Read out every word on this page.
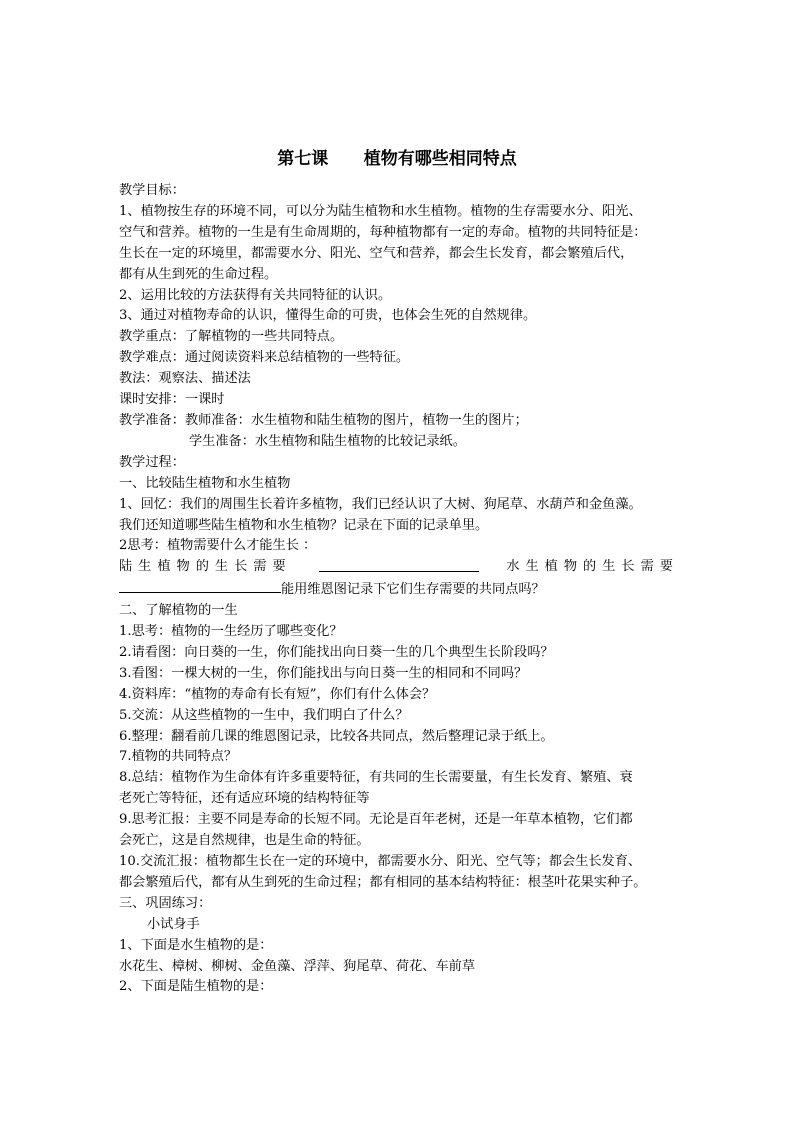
第七课      植物有哪些相同特点

教学目标：

1、植物按生存的环境不同，可以分为陆生植物和水生植物。植物的生存需要水分、阳光、

空气和营养。植物的一生是有生命周期的，每种植物都有一定的寿命。植物的共同特征是：

生长在一定的环境里，都需要水分、阳光、空气和营养，都会生长发育，都会繁殖后代，

都有从生到死的生命过程。

2、运用比较的方法获得有关共同特征的认识。

3、通过对植物寿命的认识，懂得生命的可贵，也体会生死的自然规律。

教学重点：了解植物的一些共同特点。

教学难点：通过阅读资料来总结植物的一些特征。

教法：观察法、描述法

课时安排：一课时

教学准备：教师准备：水生植物和陆生植物的图片，植物一生的图片；

学生准备：水生植物和陆生植物的比较记录纸。

教学过程：

一、比较陆生植物和水生植物

1、回忆：我们的周围生长着许多植物，我们已经认识了大树、狗尾草、水葫芦和金鱼藻。

我们还知道哪些陆生植物和水生植物？记录在下面的记录单里。

2思考：植物需要什么才能生长 ：

陆生植物的生长需要	水生植物的生长需要

能用维恩图记录下它们生存需要的共同点吗？

二、了解植物的一生

1.思考：植物的一生经历了哪些变化？

2.请看图：向日葵的一生，你们能找出向日葵一生的几个典型生长阶段吗？

3.看图：一棵大树的一生，你们能找出与向日葵一生的相同和不同吗？

4.资料库：“植物的寿命有长有短”，你们有什么体会？

5.交流：从这些植物的一生中，我们明白了什么？

6.整理：翻看前几课的维恩图记录，比较各共同点，然后整理记录于纸上。

7.植物的共同特点？

8.总结：植物作为生命体有许多重要特征，有共同的生长需要量，有生长发育、繁殖、衰

老死亡等特征，还有适应环境的结构特征等

9.思考汇报：主要不同是寿命的长短不同。无论是百年老树，还是一年草本植物，它们都

会死亡，这是自然规律，也是生命的特征。

10.交流汇报：植物都生长在一定的环境中，都需要水分、阳光、空气等；都会生长发育、

都会繁殖后代，都有从生到死的生命过程；都有相同的基本结构特征：根茎叶花果实种子。

三、巩固练习：

小试身手

1、下面是水生植物的是：

水花生、樟树、柳树、金鱼藻、浮萍、狗尾草、荷花、车前草

2、下面是陆生植物的是：
